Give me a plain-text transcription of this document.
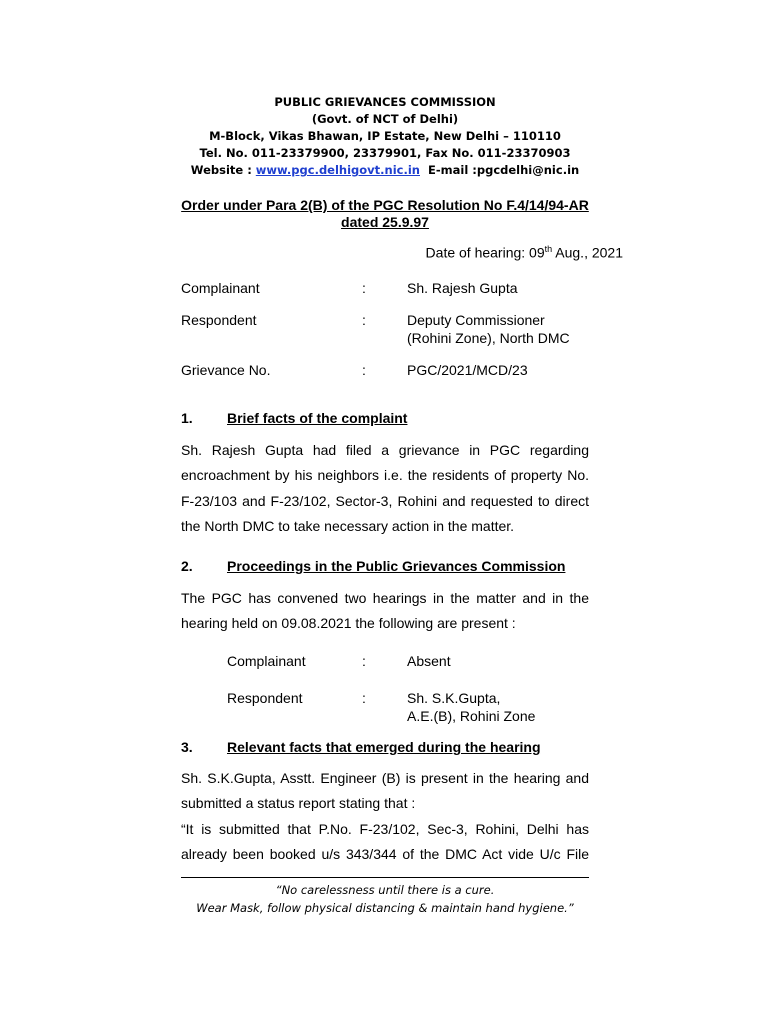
PUBLIC GRIEVANCES COMMISSION
(Govt. of NCT of Delhi)
M-Block, Vikas Bhawan, IP Estate, New Delhi – 110110
Tel. No. 011-23379900, 23379901, Fax No. 011-23370903
Website : www.pgc.delhigovt.nic.in  E-mail :pgcdelhi@nic.in
Order under Para 2(B) of the PGC Resolution No F.4/14/94-AR
dated 25.9.97
Date of hearing: 09th Aug., 2021
Complainant	:	Sh. Rajesh Gupta
Respondent	:	Deputy Commissioner
(Rohini Zone), North DMC
Grievance No.	:	PGC/2021/MCD/23
1. Brief facts of the complaint
Sh. Rajesh Gupta had filed a grievance in PGC regarding
encroachment by his neighbors i.e. the residents of property No.
F-23/103 and F-23/102, Sector-3, Rohini and requested to direct
the North DMC to take necessary action in the matter.
2. Proceedings in the Public Grievances Commission
The PGC has convened two hearings in the matter and in the
hearing held on 09.08.2021 the following are present :
Complainant	:	Absent
Respondent	:	Sh. S.K.Gupta,
A.E.(B), Rohini Zone
3. Relevant facts that emerged during the hearing
Sh. S.K.Gupta, Asstt. Engineer (B) is present in the hearing and
submitted a status report stating that :
“It is submitted that P.No. F-23/102, Sec-3, Rohini, Delhi has
already been booked u/s 343/344 of the DMC Act vide U/c File
“No carelessness until there is a cure.
Wear Mask, follow physical distancing & maintain hand hygiene.”
